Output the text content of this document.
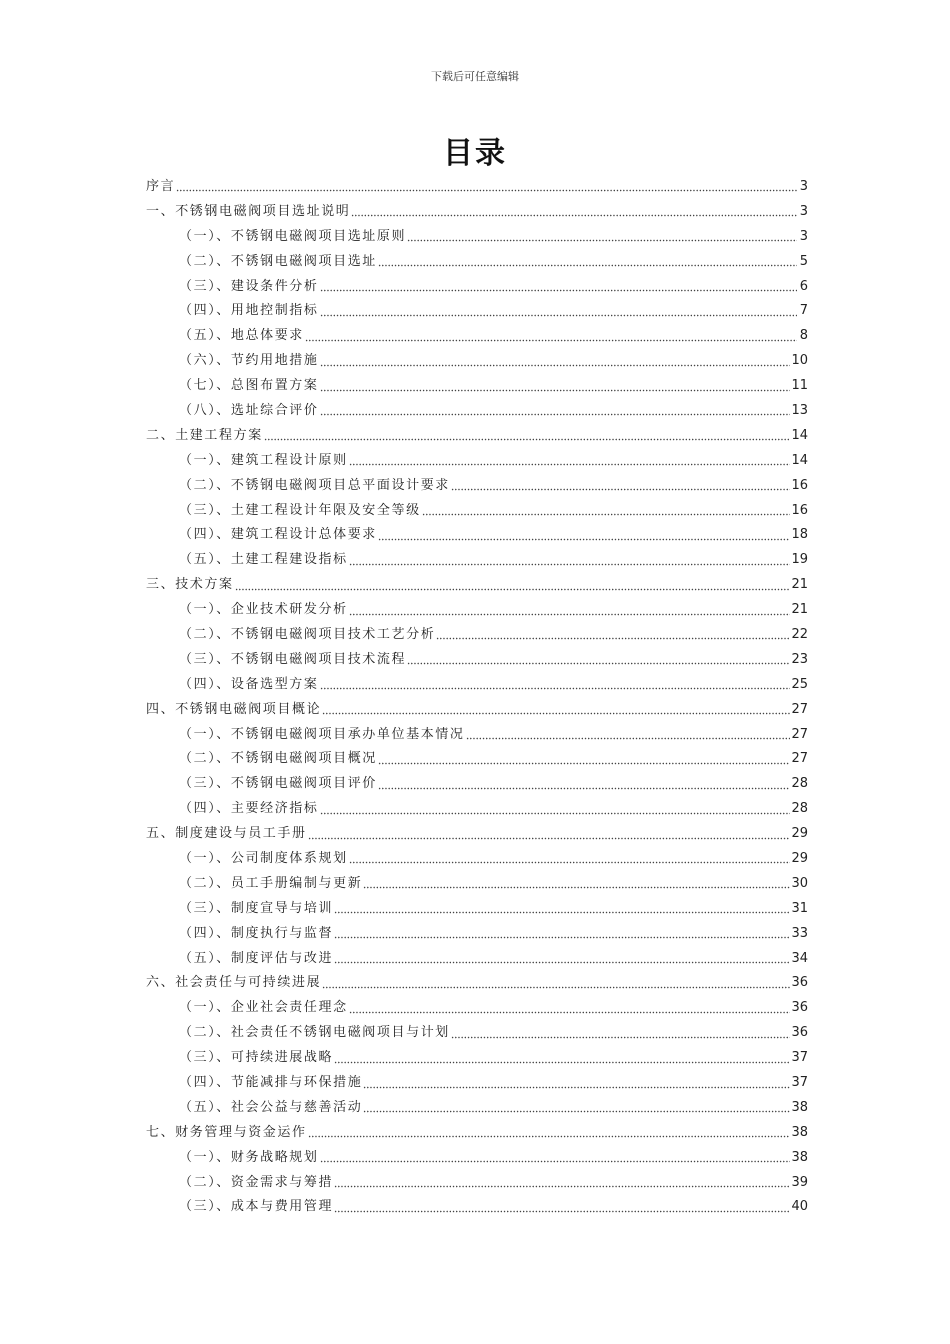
下载后可任意编辑
目录
序言	3
一、不锈钢电磁阀项目选址说明	3
（一）、不锈钢电磁阀项目选址原则	3
（二）、不锈钢电磁阀项目选址	5
（三）、建设条件分析	6
（四）、用地控制指标	7
（五）、地总体要求	8
（六）、节约用地措施	10
（七）、总图布置方案	11
（八）、选址综合评价	13
二、土建工程方案	14
（一）、建筑工程设计原则	14
（二）、不锈钢电磁阀项目总平面设计要求	16
（三）、土建工程设计年限及安全等级	16
（四）、建筑工程设计总体要求	18
（五）、土建工程建设指标	19
三、技术方案	21
（一）、企业技术研发分析	21
（二）、不锈钢电磁阀项目技术工艺分析	22
（三）、不锈钢电磁阀项目技术流程	23
（四）、设备选型方案	25
四、不锈钢电磁阀项目概论	27
（一）、不锈钢电磁阀项目承办单位基本情况	27
（二）、不锈钢电磁阀项目概况	27
（三）、不锈钢电磁阀项目评价	28
（四）、主要经济指标	28
五、制度建设与员工手册	29
（一）、公司制度体系规划	29
（二）、员工手册编制与更新	30
（三）、制度宣导与培训	31
（四）、制度执行与监督	33
（五）、制度评估与改进	34
六、社会责任与可持续进展	36
（一）、企业社会责任理念	36
（二）、社会责任不锈钢电磁阀项目与计划	36
（三）、可持续进展战略	37
（四）、节能减排与环保措施	37
（五）、社会公益与慈善活动	38
七、财务管理与资金运作	38
（一）、财务战略规划	38
（二）、资金需求与筹措	39
（三）、成本与费用管理	40
